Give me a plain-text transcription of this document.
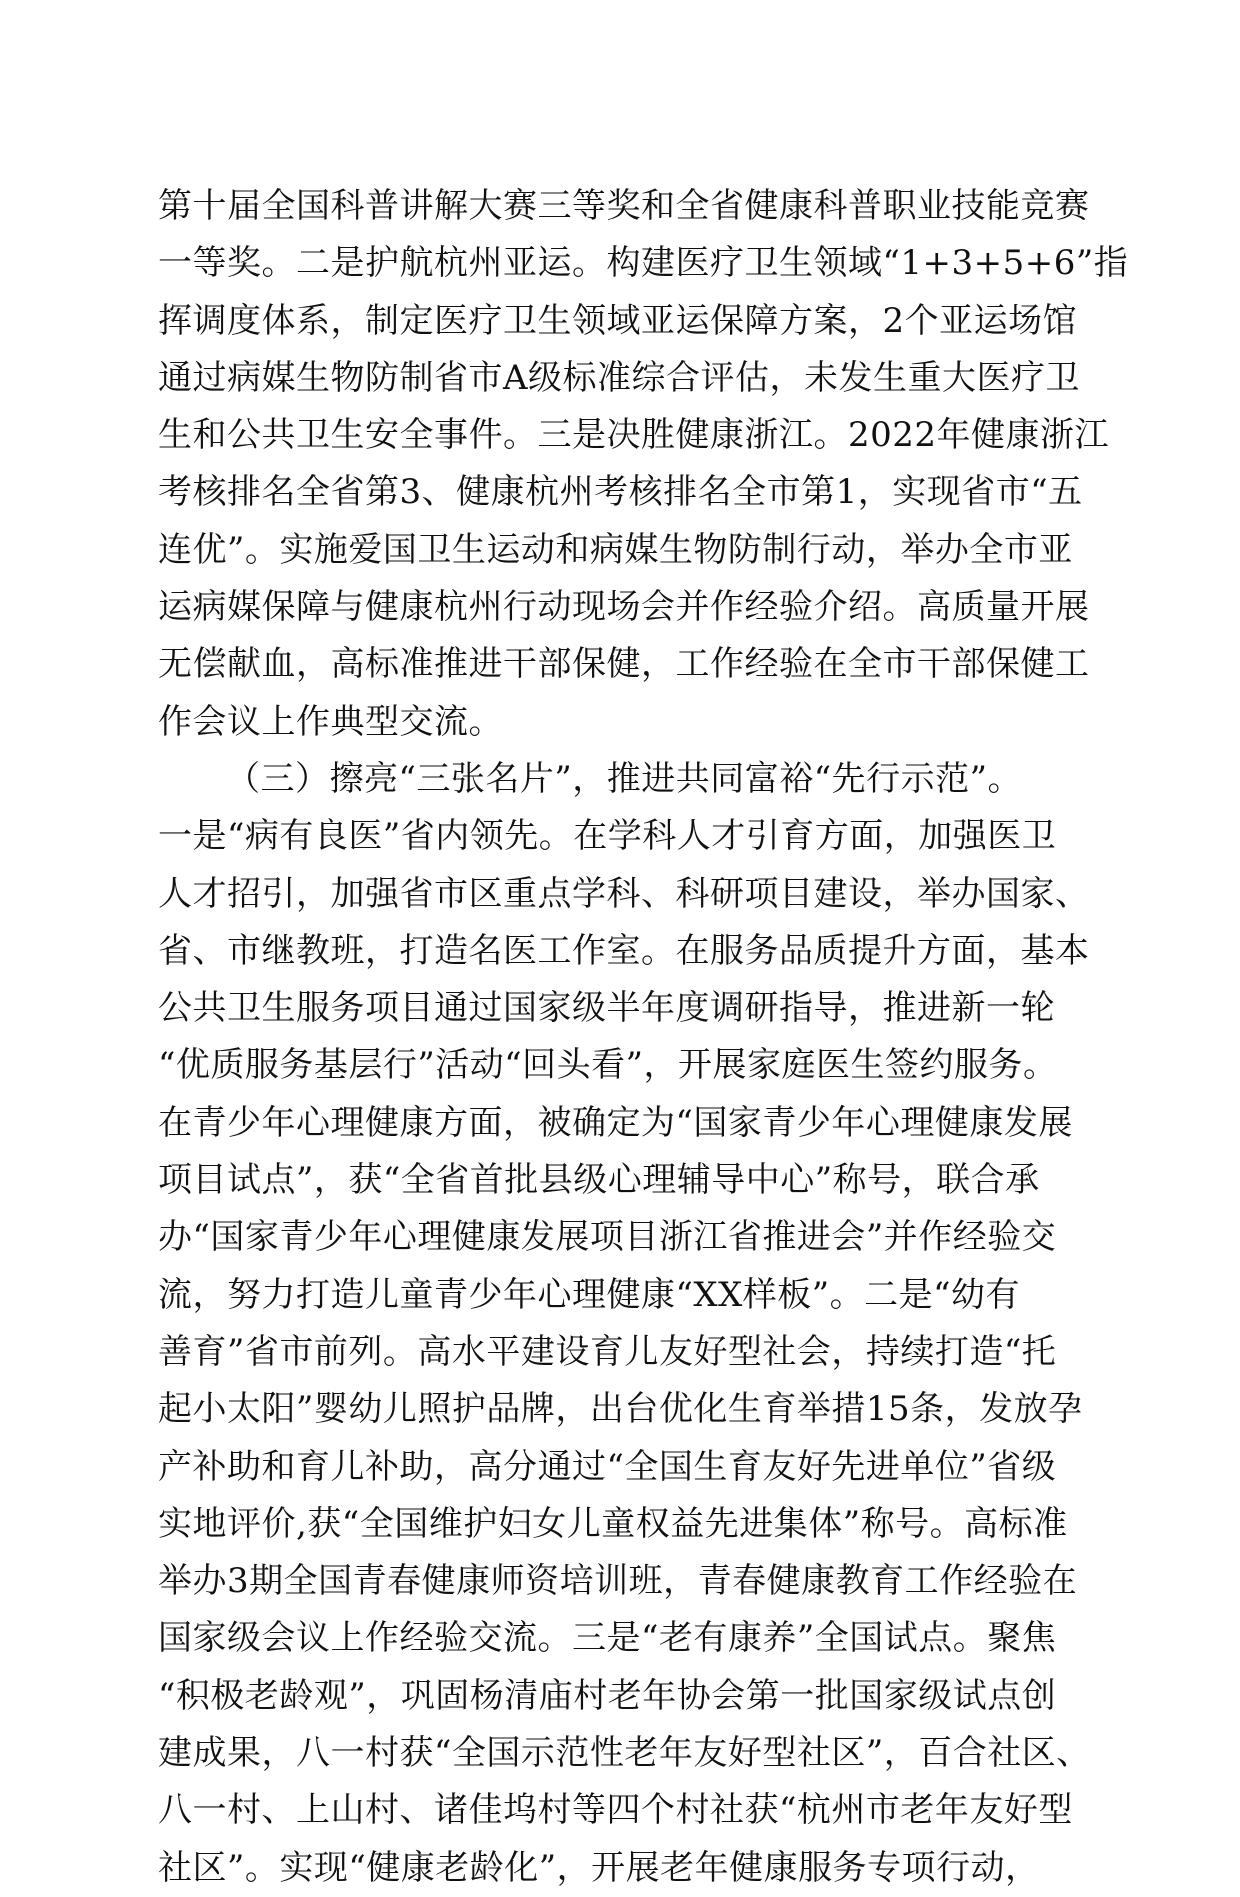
第十届全国科普讲解大赛三等奖和全省健康科普职业技能竞赛
一等奖。二是护航杭州亚运。构建医疗卫生领域“1+3+5+6”指
挥调度体系，制定医疗卫生领域亚运保障方案，2个亚运场馆
通过病媒生物防制省市A级标准综合评估，未发生重大医疗卫
生和公共卫生安全事件。三是决胜健康浙江。2022年健康浙江
考核排名全省第3、健康杭州考核排名全市第1，实现省市“五
连优”。实施爱国卫生运动和病媒生物防制行动，举办全市亚
运病媒保障与健康杭州行动现场会并作经验介绍。高质量开展
无偿献血，高标准推进干部保健，工作经验在全市干部保健工
作会议上作典型交流。
（三）擦亮“三张名片”，推进共同富裕“先行示范”。
一是“病有良医”省内领先。在学科人才引育方面，加强医卫
人才招引，加强省市区重点学科、科研项目建设，举办国家、
省、市继教班，打造名医工作室。在服务品质提升方面，基本
公共卫生服务项目通过国家级半年度调研指导，推进新一轮
“优质服务基层行”活动“回头看”，开展家庭医生签约服务。
在青少年心理健康方面，被确定为“国家青少年心理健康发展
项目试点”，获“全省首批县级心理辅导中心”称号，联合承
办“国家青少年心理健康发展项目浙江省推进会”并作经验交
流，努力打造儿童青少年心理健康“XX样板”。二是“幼有
善育”省市前列。高水平建设育儿友好型社会，持续打造“托
起小太阳”婴幼儿照护品牌，出台优化生育举措15条，发放孕
产补助和育儿补助，高分通过“全国生育友好先进单位”省级
实地评价,获“全国维护妇女儿童权益先进集体”称号。高标准
举办3期全国青春健康师资培训班，青春健康教育工作经验在
国家级会议上作经验交流。三是“老有康养”全国试点。聚焦
“积极老龄观”，巩固杨清庙村老年协会第一批国家级试点创
建成果，八一村获“全国示范性老年友好型社区”，百合社区、
八一村、上山村、诸佳坞村等四个村社获“杭州市老年友好型
社区”。实现“健康老龄化”，开展老年健康服务专项行动，
